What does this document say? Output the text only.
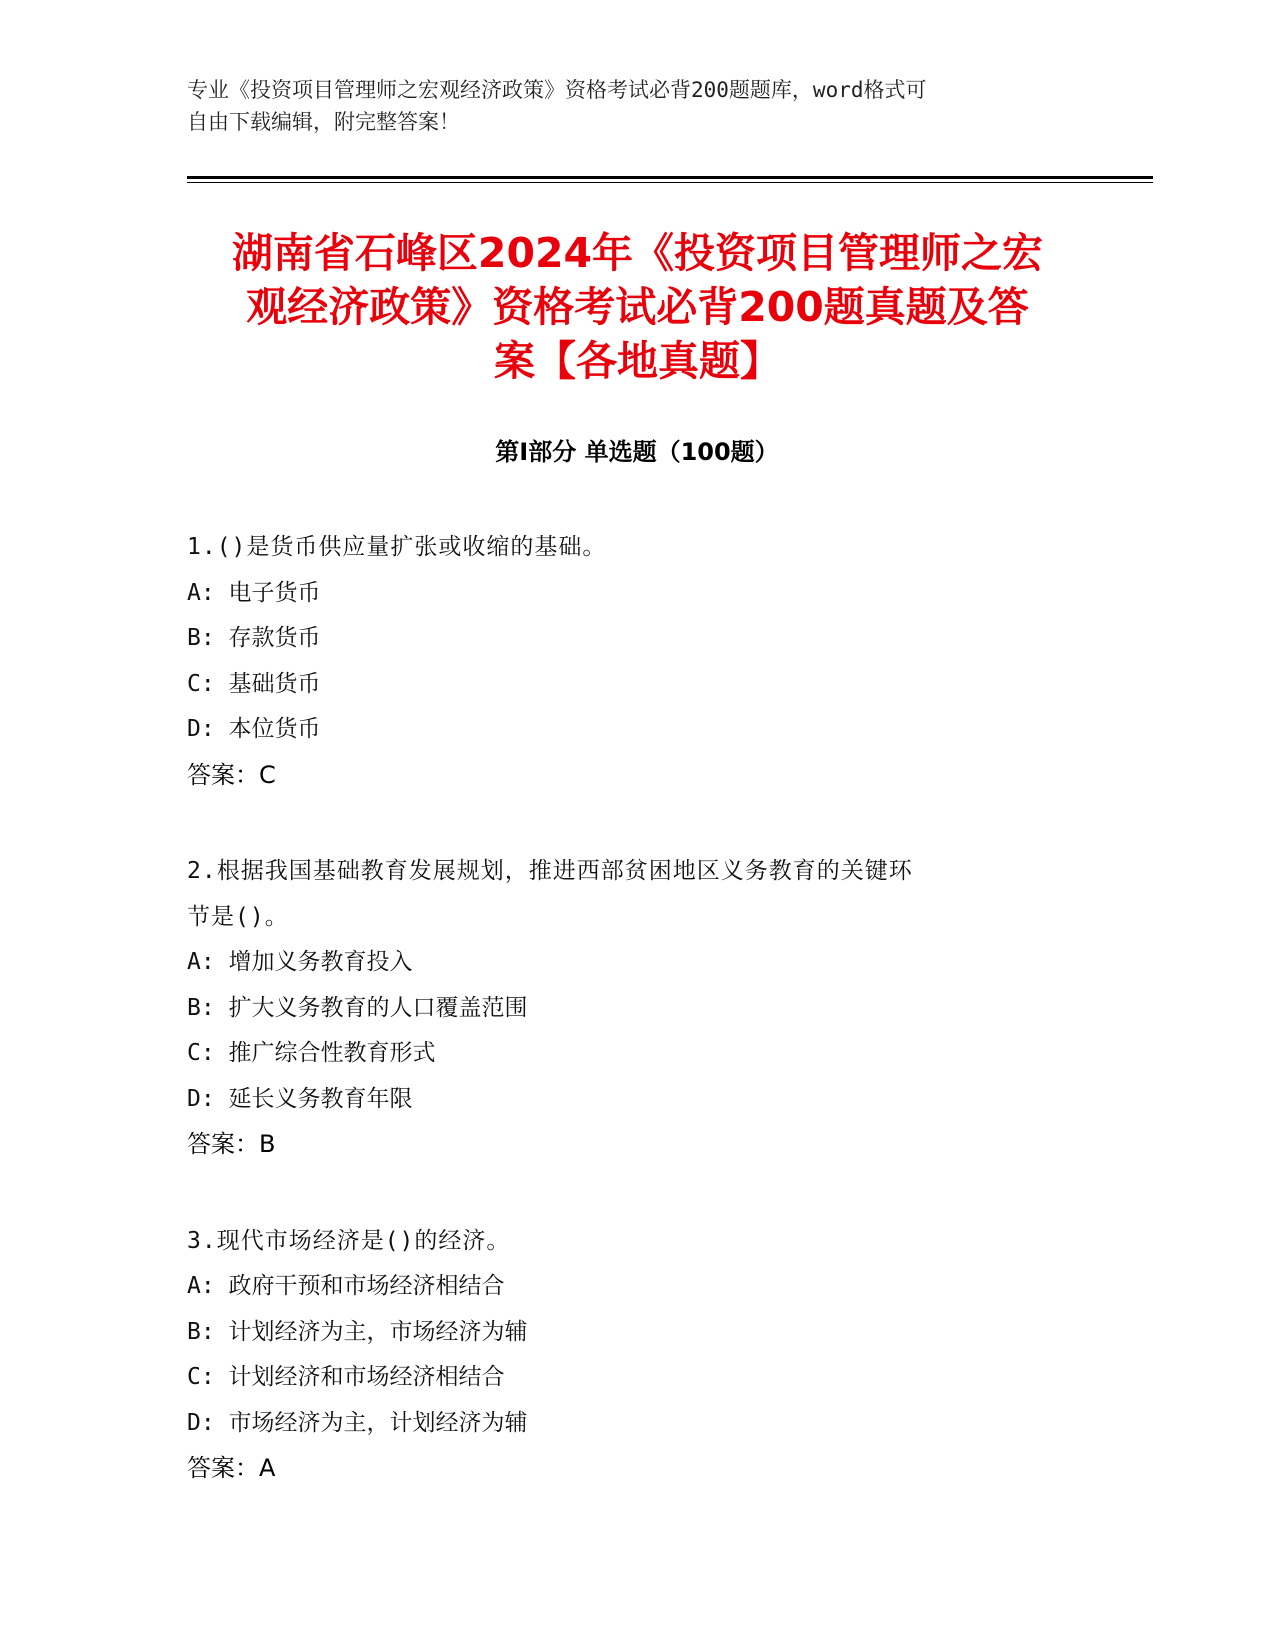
专业《投资项目管理师之宏观经济政策》资格考试必背200题题库，word格式可
自由下载编辑，附完整答案！
湖南省石峰区2024年《投资项目管理师之宏
观经济政策》资格考试必背200题真题及答
案【各地真题】
第I部分 单选题（100题）
1.()是货币供应量扩张或收缩的基础。
A: 电子货币
B: 存款货币
C: 基础货币
D: 本位货币
答案：C
2.根据我国基础教育发展规划，推进西部贫困地区义务教育的关键环
节是()。
A: 增加义务教育投入
B: 扩大义务教育的人口覆盖范围
C: 推广综合性教育形式
D: 延长义务教育年限
答案：B
3.现代市场经济是()的经济。
A: 政府干预和市场经济相结合
B: 计划经济为主，市场经济为辅
C: 计划经济和市场经济相结合
D: 市场经济为主，计划经济为辅
答案：A
